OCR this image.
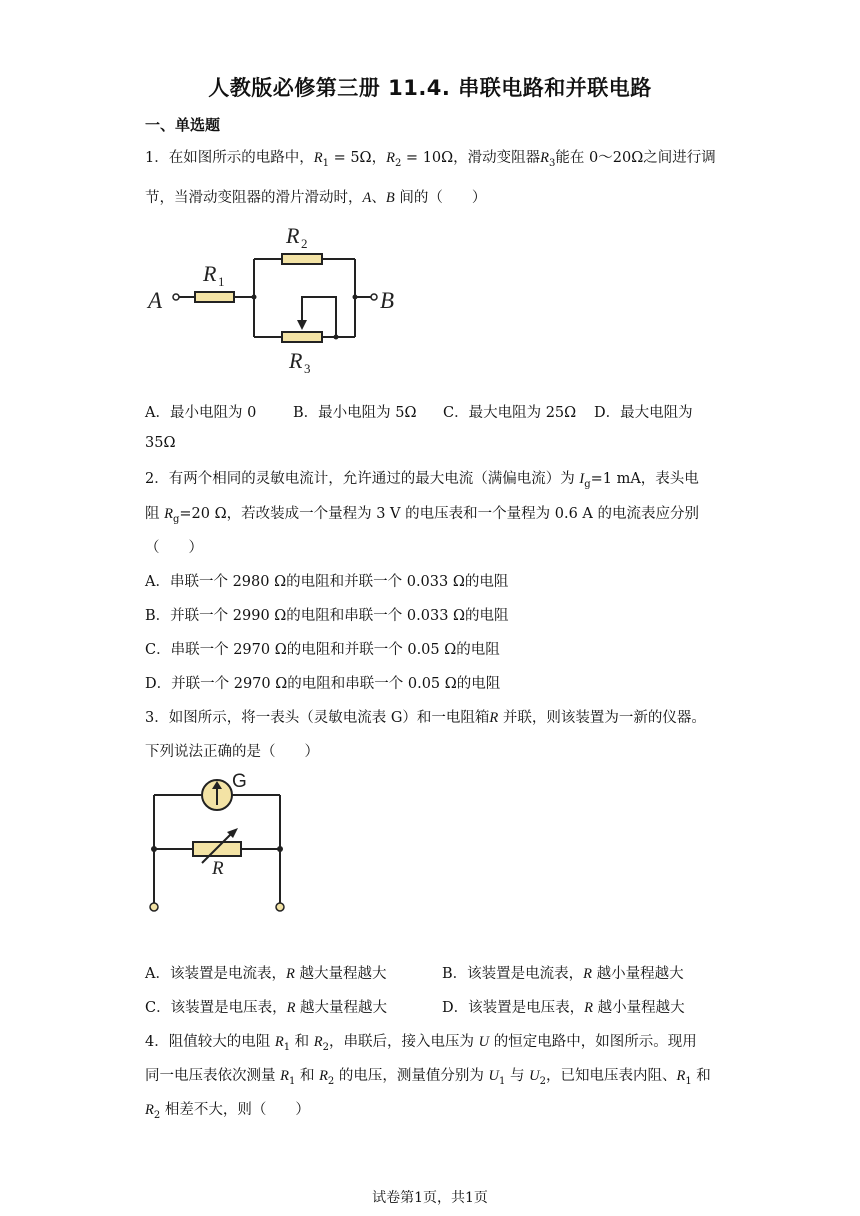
人教版必修第三册 11.4. 串联电路和并联电路
一、单选题
1．在如图所示的电路中，$R_1 = 5\Omega$，$R_2 = 10\Omega$，滑动变阻器$R_3$能在 0～20Ω之间进行调
节，当滑动变阻器的滑片滑动时，A、B 间的（　　）
A	B
R 1
R 2
R 3
A．最小电阻为 0	B．最小电阻为 5Ω C．最大电阻为 25Ω D．最大电阻为
35Ω
2．有两个相同的灵敏电流计，允许通过的最大电流（满偏电流）为 $I_g=1$ mA，表头电
阻 $R_g=20$ Ω，若改装成一个量程为 3 V 的电压表和一个量程为 0.6 A 的电流表应分别
（　　）
A．串联一个 2980 Ω的电阻和并联一个 0.033 Ω的电阻
B．并联一个 2990 Ω的电阻和串联一个 0.033 Ω的电阻
C．串联一个 2970 Ω的电阻和并联一个 0.05 Ω的电阻
D．并联一个 2970 Ω的电阻和串联一个 0.05 Ω的电阻
3．如图所示，将一表头（灵敏电流表 G）和一电阻箱R 并联，则该装置为一新的仪器。
下列说法正确的是（　　）
G
R
A．该装置是电流表，R 越大量程越大	B．该装置是电流表，R 越小量程越大
C．该装置是电压表，R 越大量程越大	D．该装置是电压表，R 越小量程越大
4．阻值较大的电阻 $R_1$ 和 $R_2$，串联后，接入电压为 U 的恒定电路中，如图所示。现用
同一电压表依次测量 $R_1$ 和 $R_2$ 的电压，测量值分别为 $U_1$ 与 $U_2$，已知电压表内阻、$R_1$ 和
$R_2$ 相差不大，则（　　）
试卷第1页，共1页
